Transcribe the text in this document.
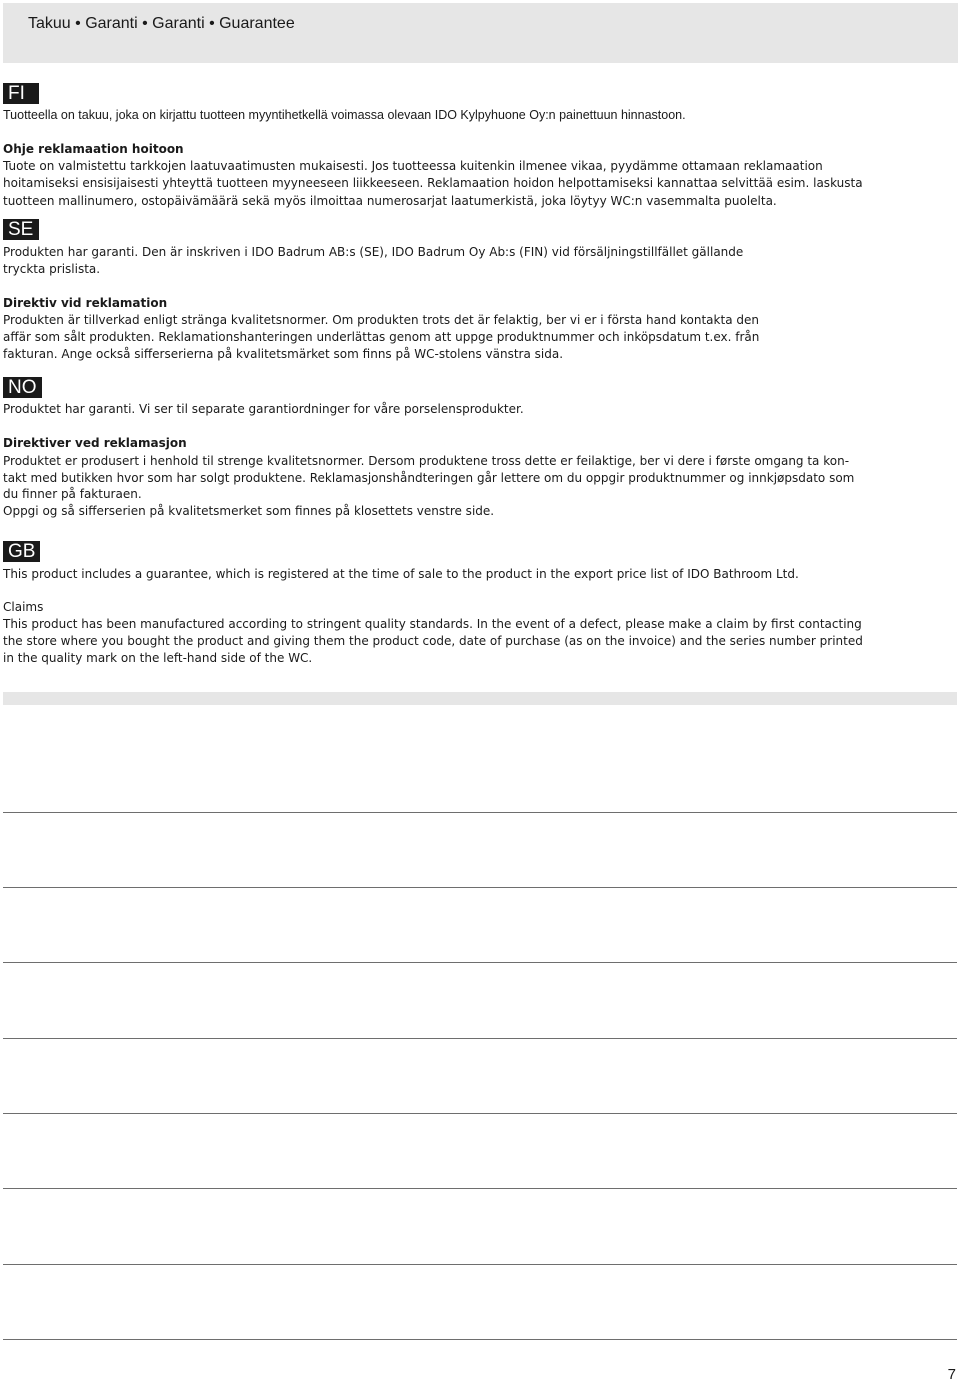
Takuu • Garanti • Garanti • Guarantee
FI
Tuotteella on takuu, joka on kirjattu tuotteen myyntihetkellä voimassa olevaan IDO Kylpyhuone Oy:n painettuun hinnastoon.
Ohje reklamaation hoitoon
Tuote on valmistettu tarkkojen laatuvaatimusten mukaisesti. Jos tuotteessa kuitenkin ilmenee vikaa, pyydämme ottamaan reklamaation
hoitamiseksi ensisijaisesti yhteyttä tuotteen myyneeseen liikkeeseen. Reklamaation hoidon helpottamiseksi kannattaa selvittää esim. laskusta
tuotteen mallinumero, ostopäivämäärä sekä myös ilmoittaa numerosarjat laatumerkistä, joka löytyy WC:n vasemmalta puolelta.
SE
Produkten har garanti. Den är inskriven i IDO Badrum AB:s (SE), IDO Badrum Oy Ab:s (FIN) vid försäljningstillfället gällande
tryckta prislista.
Direktiv vid reklamation
Produkten är tillverkad enligt stränga kvalitetsnormer. Om produkten trots det är felaktig, ber vi er i första hand kontakta den
affär som sålt produkten. Reklamationshanteringen underlättas genom att uppge produktnummer och inköpsdatum t.ex. från
fakturan. Ange också sifferserierna på kvalitetsmärket som finns på WC-stolens vänstra sida.
NO
Produktet har garanti. Vi ser til separate garantiordninger for våre porselensprodukter.
Direktiver ved reklamasjon
Produktet er produsert i henhold til strenge kvalitetsnormer. Dersom produktene tross dette er feilaktige, ber vi dere i første omgang ta kon-
takt med butikken hvor som har solgt produktene. Reklamasjonshåndteringen går lettere om du oppgir produktnummer og innkjøpsdato som
du finner på fakturaen.
Oppgi og så sifferserien på kvalitetsmerket som finnes på klosettets venstre side.
GB
This product includes a guarantee, which is registered at the time of sale to the product in the export price list of IDO Bathroom Ltd.
Claims
This product has been manufactured according to stringent quality standards. In the event of a defect, please make a claim by first contacting
the store where you bought the product and giving them the product code, date of purchase (as on the invoice) and the series number printed
in the quality mark on the left-hand side of the WC.
7
